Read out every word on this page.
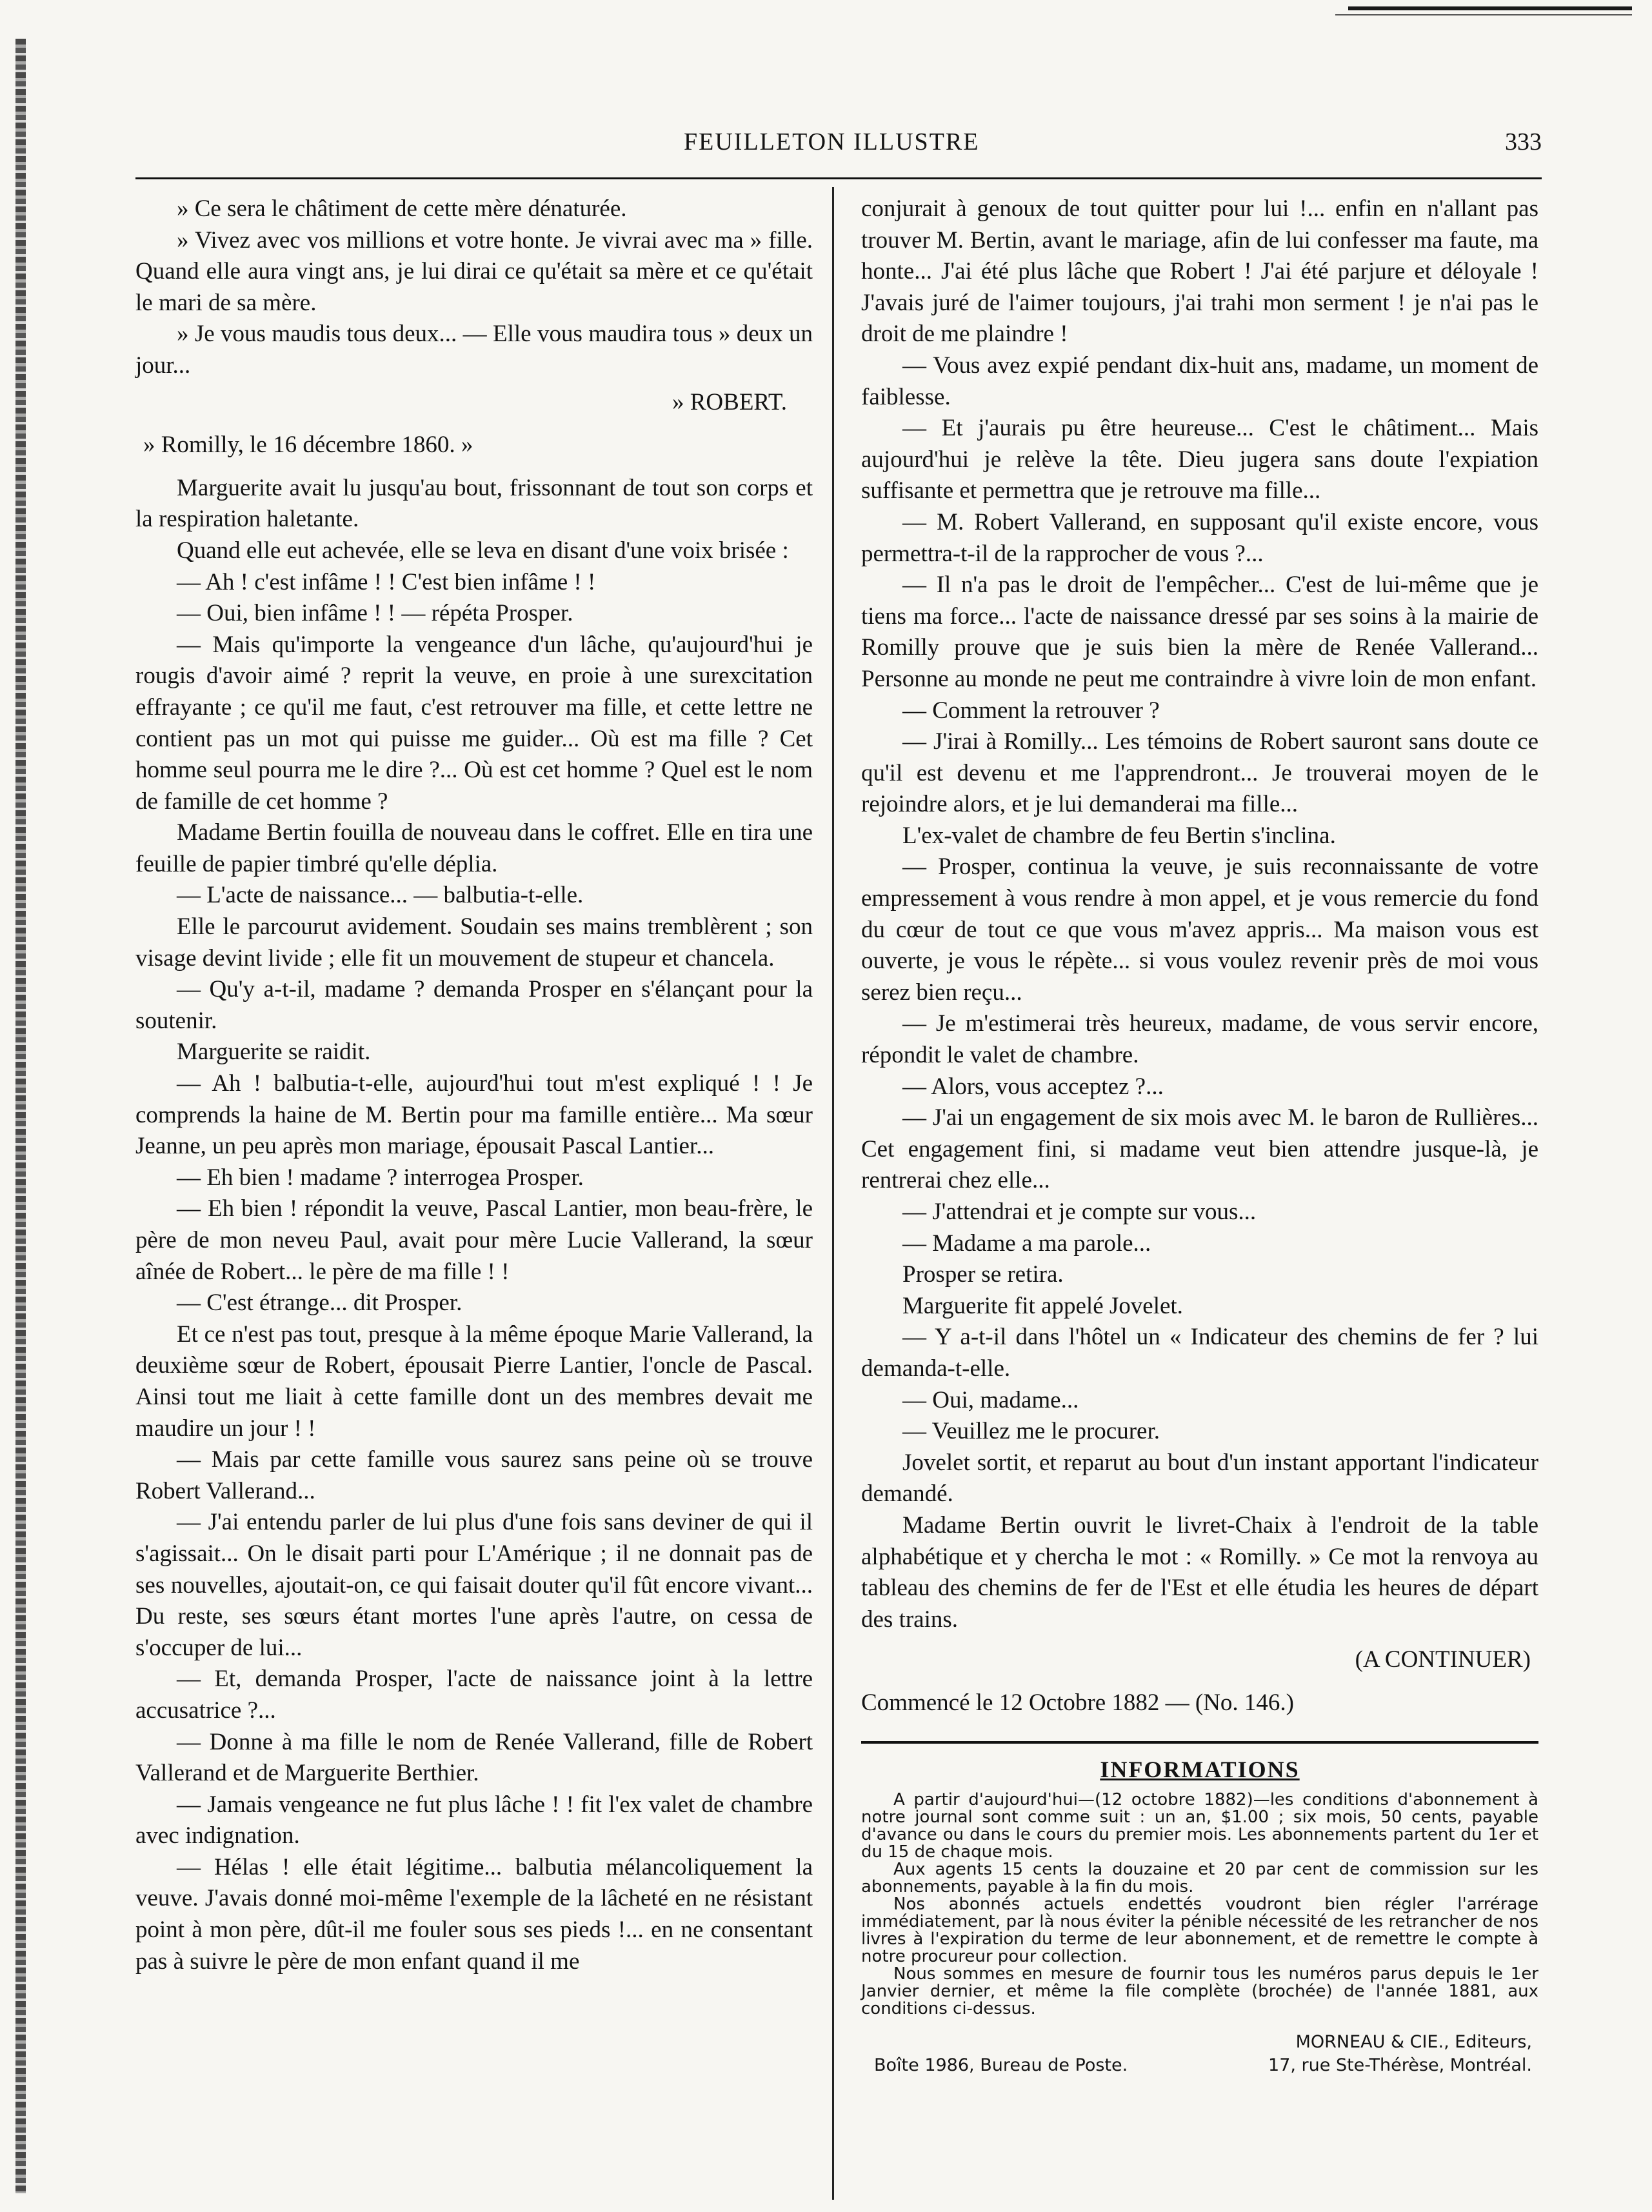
FEUILLETON ILLUSTRE	333

» Ce sera le châtiment de cette mère dénaturée.

» Vivez avec vos millions et votre honte. Je vivrai avec ma » fille. Quand elle aura vingt ans, je lui dirai ce qu'était sa mère et ce qu'était le mari de sa mère.

» Je vous maudis tous deux... — Elle vous maudira tous » deux un jour...

» ROBERT.

» Romilly, le 16 décembre 1860. »

Marguerite avait lu jusqu'au bout, frissonnant de tout son corps et la respiration haletante.

Quand elle eut achevée, elle se leva en disant d'une voix brisée :

— Ah ! c'est infâme ! ! C'est bien infâme ! !

— Oui, bien infâme ! ! — répéta Prosper.

— Mais qu'importe la vengeance d'un lâche, qu'aujourd'hui je rougis d'avoir aimé ? reprit la veuve, en proie à une surexcitation effrayante ; ce qu'il me faut, c'est retrouver ma fille, et cette lettre ne contient pas un mot qui puisse me guider... Où est ma fille ? Cet homme seul pourra me le dire ?... Où est cet homme ? Quel est le nom de famille de cet homme ?

Madame Bertin fouilla de nouveau dans le coffret. Elle en tira une feuille de papier timbré qu'elle déplia.

— L'acte de naissance... — balbutia-t-elle.

Elle le parcourut avidement. Soudain ses mains tremblèrent ; son visage devint livide ; elle fit un mouvement de stupeur et chancela.

— Qu'y a-t-il, madame ? demanda Prosper en s'élançant pour la soutenir.

Marguerite se raidit.

— Ah ! balbutia-t-elle, aujourd'hui tout m'est expliqué ! ! Je comprends la haine de M. Bertin pour ma famille entière... Ma sœur Jeanne, un peu après mon mariage, épousait Pascal Lantier...

— Eh bien ! madame ? interrogea Prosper.

— Eh bien ! répondit la veuve, Pascal Lantier, mon beau-frère, le père de mon neveu Paul, avait pour mère Lucie Vallerand, la sœur aînée de Robert... le père de ma fille ! !

— C'est étrange... dit Prosper.

Et ce n'est pas tout, presque à la même époque Marie Vallerand, la deuxième sœur de Robert, épousait Pierre Lantier, l'oncle de Pascal. Ainsi tout me liait à cette famille dont un des membres devait me maudire un jour ! !

— Mais par cette famille vous saurez sans peine où se trouve Robert Vallerand...

— J'ai entendu parler de lui plus d'une fois sans deviner de qui il s'agissait... On le disait parti pour L'Amérique ; il ne donnait pas de ses nouvelles, ajoutait-on, ce qui faisait douter qu'il fût encore vivant... Du reste, ses sœurs étant mortes l'une après l'autre, on cessa de s'occuper de lui...

— Et, demanda Prosper, l'acte de naissance joint à la lettre accusatrice ?...

— Donne à ma fille le nom de Renée Vallerand, fille de Robert Vallerand et de Marguerite Berthier.

— Jamais vengeance ne fut plus lâche ! ! fit l'ex valet de chambre avec indignation.

— Hélas ! elle était légitime... balbutia mélancoliquement la veuve. J'avais donné moi-même l'exemple de la lâcheté en ne résistant point à mon père, dût-il me fouler sous ses pieds !... en ne consentant pas à suivre le père de mon enfant quand il me

conjurait à genoux de tout quitter pour lui !... enfin en n'allant pas trouver M. Bertin, avant le mariage, afin de lui confesser ma faute, ma honte... J'ai été plus lâche que Robert ! J'ai été parjure et déloyale ! J'avais juré de l'aimer toujours, j'ai trahi mon serment ! je n'ai pas le droit de me plaindre !

— Vous avez expié pendant dix-huit ans, madame, un moment de faiblesse.

— Et j'aurais pu être heureuse... C'est le châtiment... Mais aujourd'hui je relève la tête. Dieu jugera sans doute l'expiation suffisante et permettra que je retrouve ma fille...

— M. Robert Vallerand, en supposant qu'il existe encore, vous permettra-t-il de la rapprocher de vous ?...

— Il n'a pas le droit de l'empêcher... C'est de lui-même que je tiens ma force... l'acte de naissance dressé par ses soins à la mairie de Romilly prouve que je suis bien la mère de Renée Vallerand... Personne au monde ne peut me contraindre à vivre loin de mon enfant.

— Comment la retrouver ?

— J'irai à Romilly... Les témoins de Robert sauront sans doute ce qu'il est devenu et me l'apprendront... Je trouverai moyen de le rejoindre alors, et je lui demanderai ma fille...

L'ex-valet de chambre de feu Bertin s'inclina.

— Prosper, continua la veuve, je suis reconnaissante de votre empressement à vous rendre à mon appel, et je vous remercie du fond du cœur de tout ce que vous m'avez appris... Ma maison vous est ouverte, je vous le répète... si vous voulez revenir près de moi vous serez bien reçu...

— Je m'estimerai très heureux, madame, de vous servir encore, répondit le valet de chambre.

— Alors, vous acceptez ?...

— J'ai un engagement de six mois avec M. le baron de Rullières... Cet engagement fini, si madame veut bien attendre jusque-là, je rentrerai chez elle...

— J'attendrai et je compte sur vous...

— Madame a ma parole...

Prosper se retira.

Marguerite fit appelé Jovelet.

— Y a-t-il dans l'hôtel un « Indicateur des chemins de fer ? lui demanda-t-elle.

— Oui, madame...

— Veuillez me le procurer.

Jovelet sortit, et reparut au bout d'un instant apportant l'indicateur demandé.

Madame Bertin ouvrit le livret-Chaix à l'endroit de la table alphabétique et y chercha le mot : « Romilly. » Ce mot la renvoya au tableau des chemins de fer de l'Est et elle étudia les heures de départ des trains.

(A CONTINUER)

Commencé le 12 Octobre 1882 — (No. 146.)

INFORMATIONS

A partir d'aujourd'hui—(12 octobre 1882)—les conditions d'abonnement à notre journal sont comme suit : un an, $1.00 ; six mois, 50 cents, payable d'avance ou dans le cours du premier mois. Les abonnements partent du 1er et du 15 de chaque mois.

Aux agents 15 cents la douzaine et 20 par cent de commission sur les abonnements, payable à la fin du mois.

Nos abonnés actuels endettés voudront bien régler l'arrérage immédiatement, par là nous éviter la pénible nécessité de les retrancher de nos livres à l'expiration du terme de leur abonnement, et de remettre le compte à notre procureur pour collection.

Nous sommes en mesure de fournir tous les numéros parus depuis le 1er Janvier dernier, et même la file complète (brochée) de l'année 1881, aux conditions ci-dessus.

MORNEAU & CIE., Editeurs,
Boîte 1986, Bureau de Poste.	17, rue Ste-Thérèse, Montréal.
